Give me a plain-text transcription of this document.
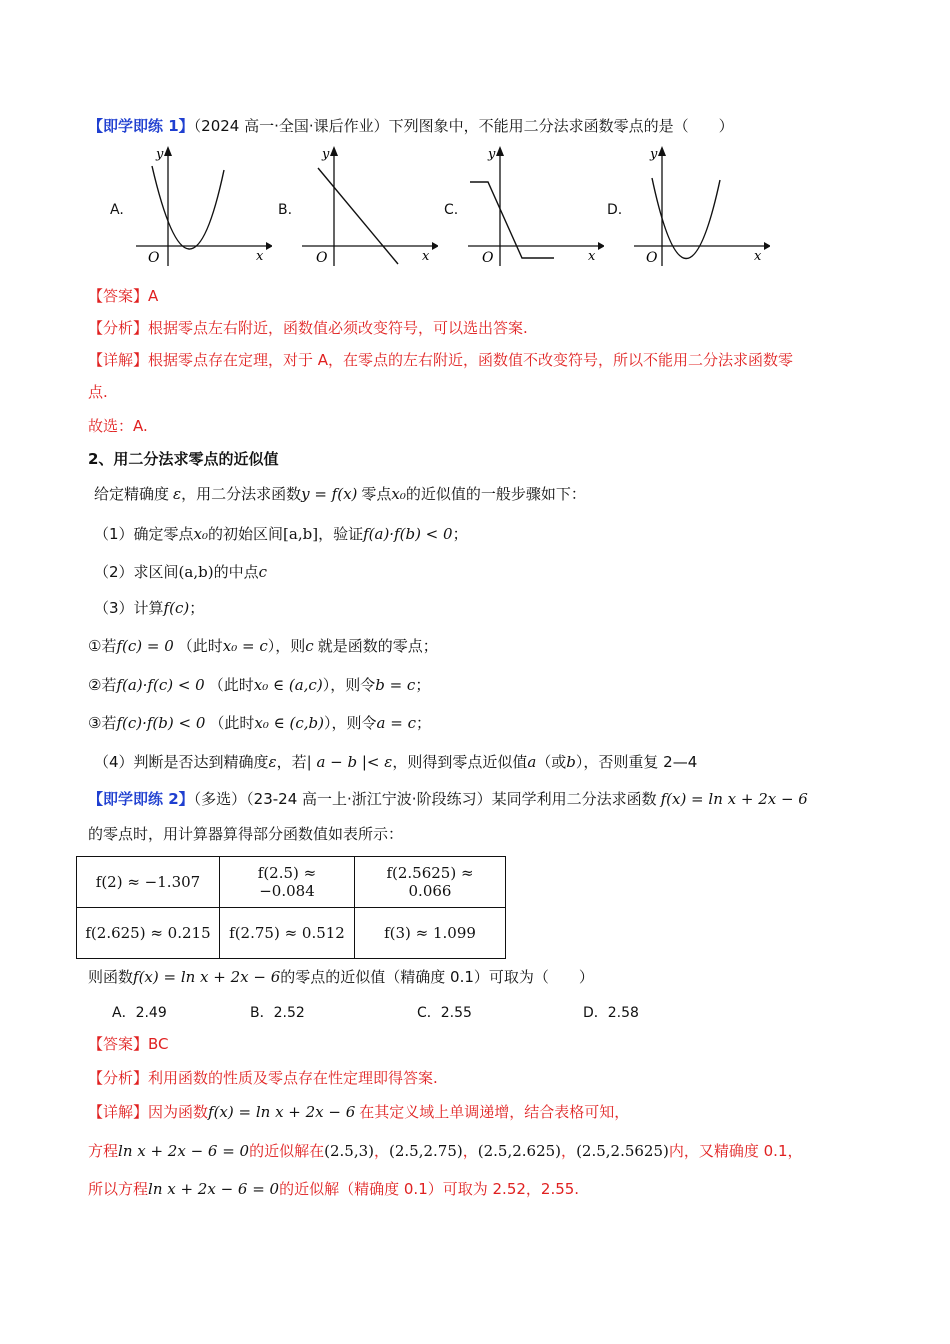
【即学即练 1】（2024 高一·全国·课后作业）下列图象中，不能用二分法求函数零点的是（　　）
A.	B.	C.	D.
y
x
O
y
x
O
y
x
O
y
x
O
【答案】A
【分析】根据零点左右附近，函数值必须改变符号，可以选出答案.
【详解】根据零点存在定理，对于 A，在零点的左右附近，函数值不改变符号，所以不能用二分法求函数零
点.
故选：A.
2、用二分法求零点的近似值
给定精确度 ε，用二分法求函数y = f(x) 零点x₀的近似值的一般步骤如下：
（1）确定零点x₀的初始区间[a,b]，验证f(a)·f(b) < 0；
（2）求区间(a,b)的中点c
（3）计算f(c)；
①若f(c) = 0 （此时x₀ = c），则c 就是函数的零点；
②若f(a)·f(c) < 0 （此时x₀ ∈ (a,c)），则令b = c；
③若f(c)·f(b) < 0 （此时x₀ ∈ (c,b)），则令a = c；
（4）判断是否达到精确度ε，若| a − b |< ε，则得到零点近似值a（或b），否则重复 2—4
【即学即练 2】（多选）（23-24 高一上·浙江宁波·阶段练习）某同学利用二分法求函数 f(x) = ln x + 2x − 6
的零点时，用计算器算得部分函数值如表所示：
f(2) ≈ −1.307	f(2.5) ≈ −0.084	f(2.5625) ≈ 0.066
f(2.625) ≈ 0.215	f(2.75) ≈ 0.512	f(3) ≈ 1.099
则函数f(x) = ln x + 2x − 6的零点的近似值（精确度 0.1）可取为（　　）
A．2.49	B．2.52	C．2.55	D．2.58
【答案】BC
【分析】利用函数的性质及零点存在性定理即得答案.
【详解】因为函数f(x) = ln x + 2x − 6 在其定义域上单调递增，结合表格可知，
方程ln x + 2x − 6 = 0的近似解在(2.5,3)，(2.5,2.75)，(2.5,2.625)，(2.5,2.5625)内，又精确度 0.1，
所以方程ln x + 2x − 6 = 0的近似解（精确度 0.1）可取为 2.52，2.55.
